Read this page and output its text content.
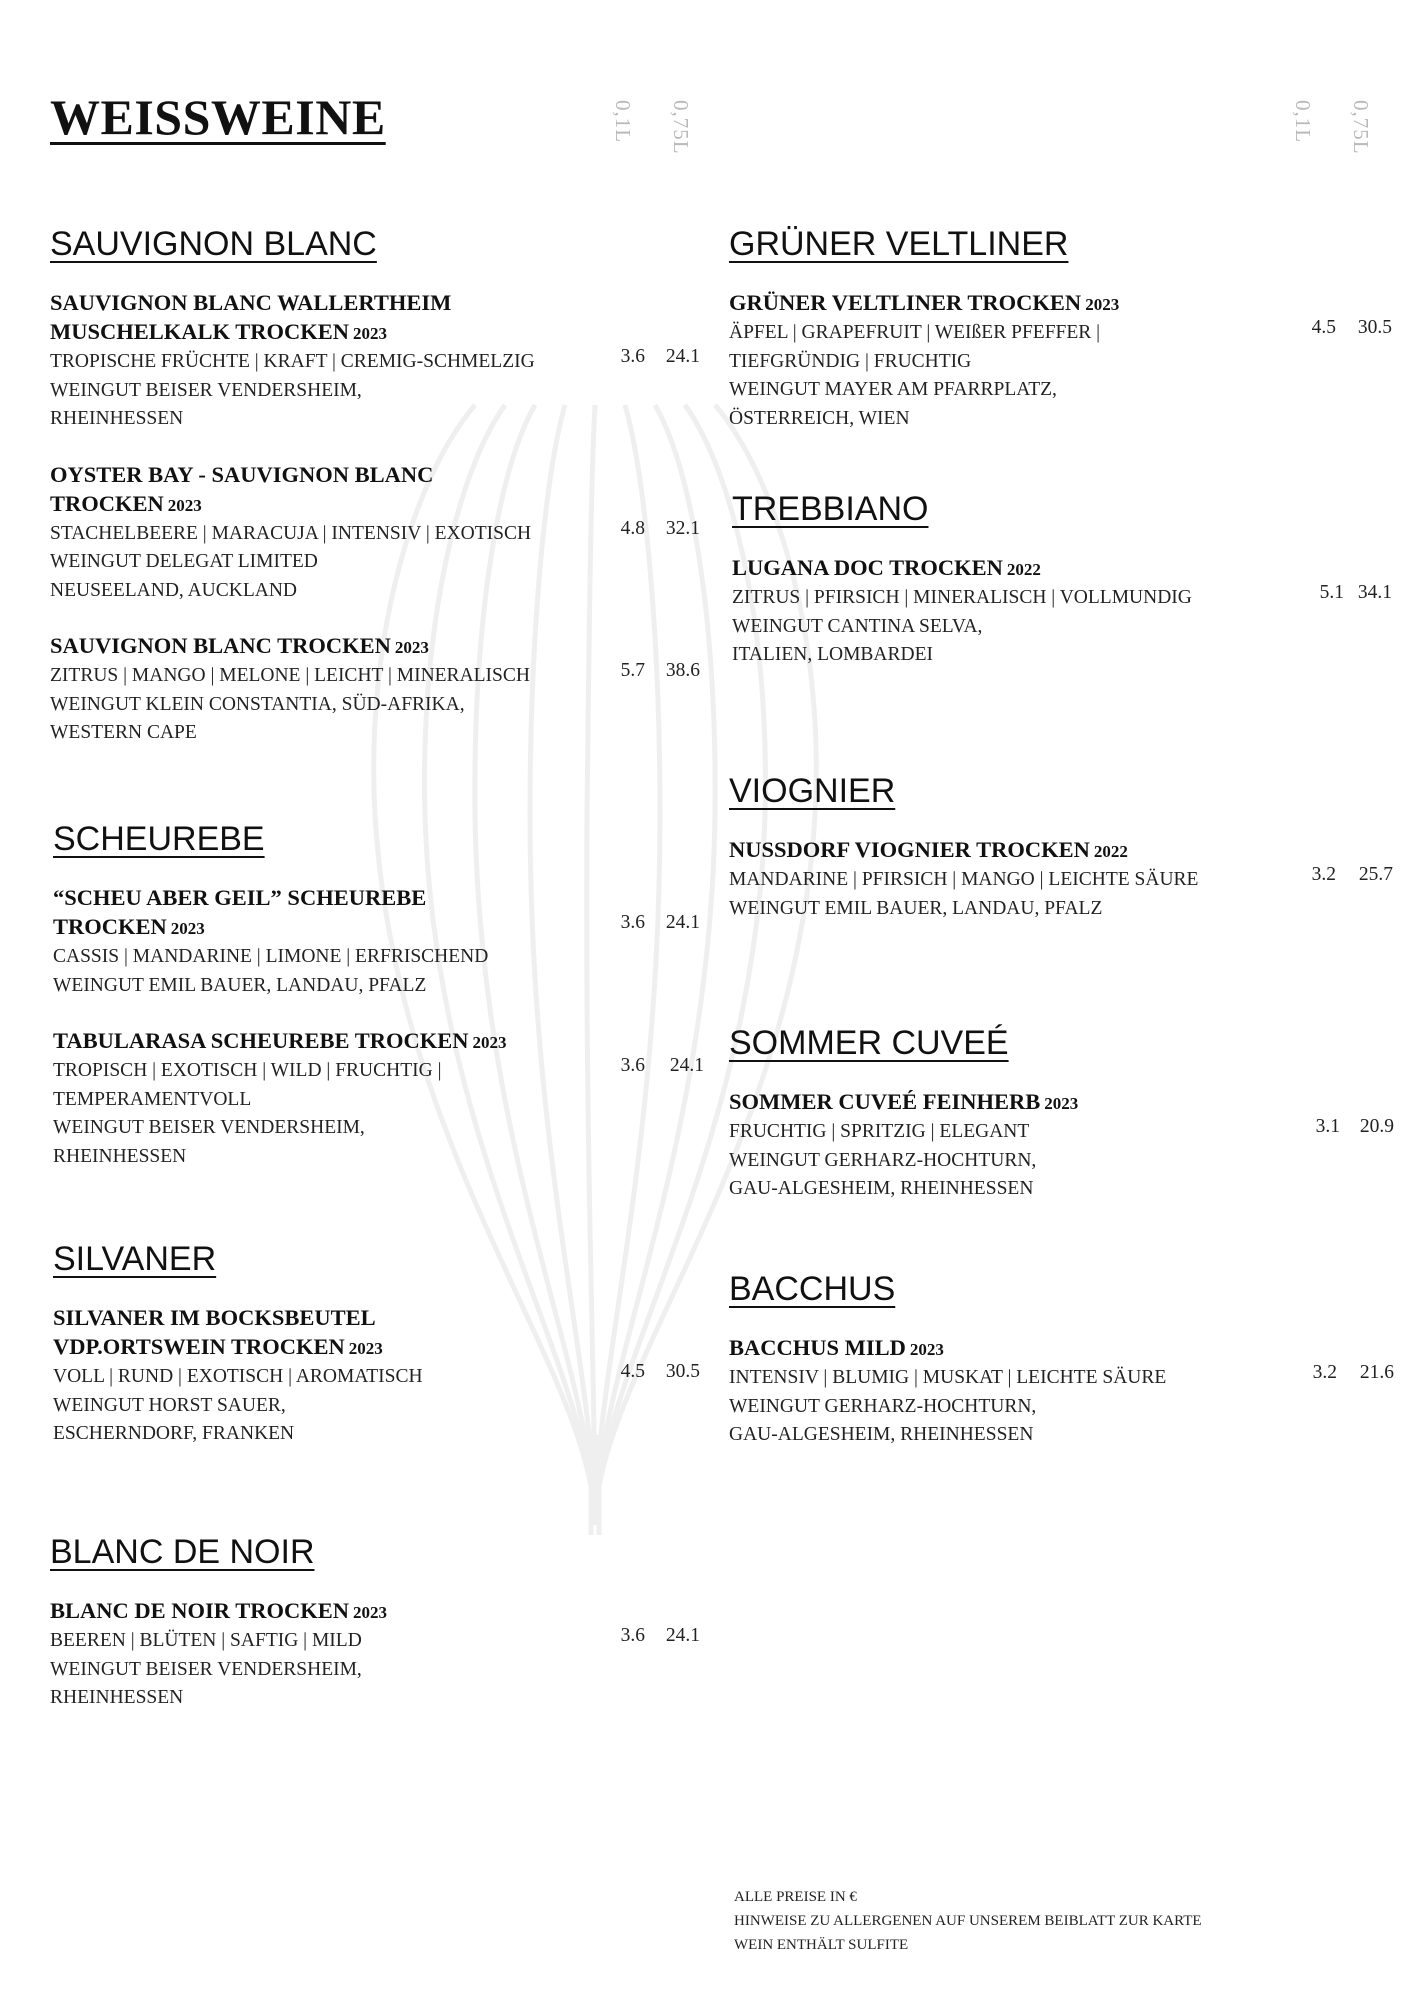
WEISSWEINE	0,1L 0,75L	0,1L 0,75L
SAUVIGNON BLANC
SAUVIGNON BLANC WALLERTHEIM
MUSCHELKALK TROCKEN 2023
TROPISCHE FRÜCHTE | KRAFT | CREMIG-SCHMELZIG
WEINGUT BEISER VENDERSHEIM,
RHEINHESSEN
3.6	24.1
OYSTER BAY - SAUVIGNON BLANC
TROCKEN 2023
STACHELBEERE | MARACUJA | INTENSIV | EXOTISCH
WEINGUT DELEGAT LIMITED
NEUSEELAND, AUCKLAND
4.8	32.1
SAUVIGNON BLANC TROCKEN 2023
ZITRUS | MANGO | MELONE | LEICHT | MINERALISCH
WEINGUT KLEIN CONSTANTIA, SÜD-AFRIKA,
WESTERN CAPE
5.7	38.6
SCHEUREBE
“SCHEU ABER GEIL” SCHEUREBE
TROCKEN 2023
CASSIS | MANDARINE | LIMONE | ERFRISCHEND
WEINGUT EMIL BAUER, LANDAU, PFALZ
3.6	24.1
TABULARASA SCHEUREBE TROCKEN 2023
TROPISCH | EXOTISCH | WILD | FRUCHTIG |
TEMPERAMENTVOLL
WEINGUT BEISER VENDERSHEIM,
RHEINHESSEN
3.6	24.1
SILVANER
SILVANER IM BOCKSBEUTEL
VDP.ORTSWEIN TROCKEN 2023
VOLL | RUND | EXOTISCH | AROMATISCH
WEINGUT HORST SAUER,
ESCHERNDORF, FRANKEN
4.5	30.5
BLANC DE NOIR
BLANC DE NOIR TROCKEN 2023
BEEREN | BLÜTEN | SAFTIG | MILD
WEINGUT BEISER VENDERSHEIM,
RHEINHESSEN
3.6	24.1
GRÜNER VELTLINER
GRÜNER VELTLINER TROCKEN 2023
ÄPFEL | GRAPEFRUIT | WEIßER PFEFFER |
TIEFGRÜNDIG | FRUCHTIG
WEINGUT MAYER AM PFARRPLATZ,
ÖSTERREICH, WIEN
4.5	30.5
TREBBIANO
LUGANA DOC TROCKEN 2022
ZITRUS | PFIRSICH | MINERALISCH | VOLLMUNDIG
WEINGUT CANTINA SELVA,
ITALIEN, LOMBARDEI
5.1 34.1
VIOGNIER
NUSSDORF VIOGNIER TROCKEN 2022
MANDARINE | PFIRSICH | MANGO | LEICHTE SÄURE
WEINGUT EMIL BAUER, LANDAU, PFALZ
3.2	25.7
SOMMER CUVEÉ
SOMMER CUVEÉ FEINHERB 2023
FRUCHTIG | SPRITZIG | ELEGANT
WEINGUT GERHARZ-HOCHTURN,
GAU-ALGESHEIM, RHEINHESSEN
3.1	20.9
BACCHUS
BACCHUS MILD 2023
INTENSIV | BLUMIG | MUSKAT | LEICHTE SÄURE
WEINGUT GERHARZ-HOCHTURN,
GAU-ALGESHEIM, RHEINHESSEN
3.2	21.6
ALLE PREISE IN €
HINWEISE ZU ALLERGENEN AUF UNSEREM BEIBLATT ZUR KARTE
WEIN ENTHÄLT SULFITE
